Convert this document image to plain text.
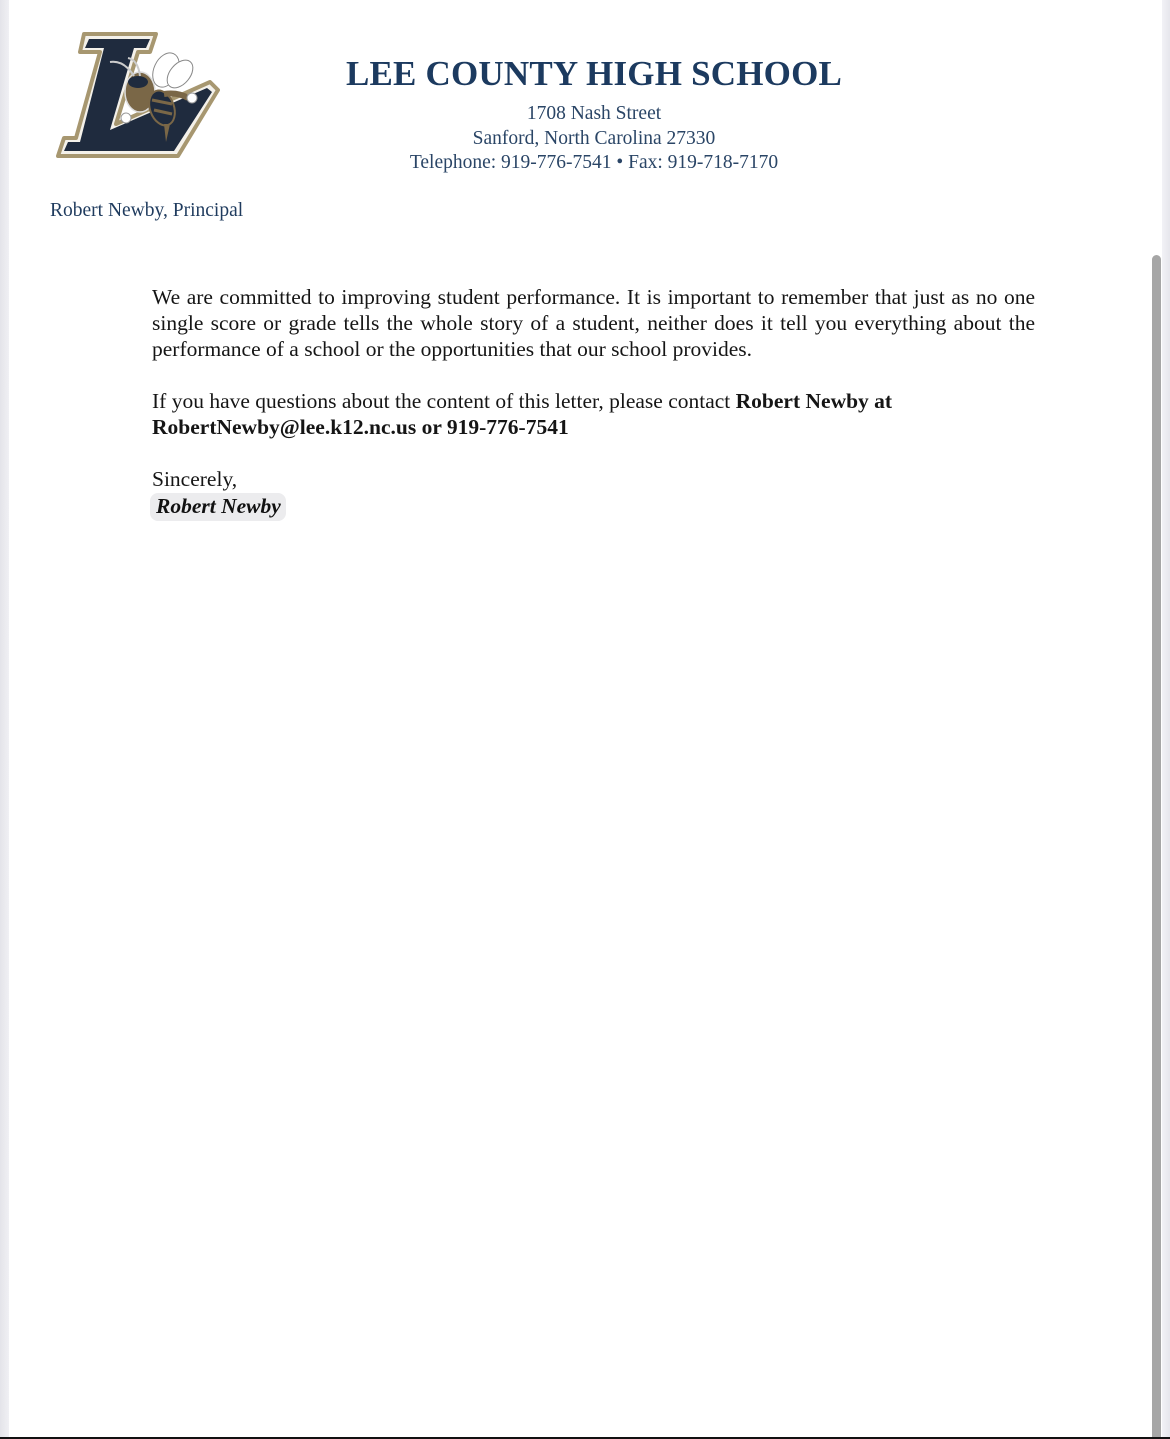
LEE COUNTY HIGH SCHOOL
1708 Nash Street
Sanford, North Carolina 27330
Telephone: 919-776-7541 • Fax: 919-718-7170
Robert Newby, Principal

We are committed to improving student performance. It is important to remember that just as no one single score or grade tells the whole story of a student, neither does it tell you everything about the performance of a school or the opportunities that our school provides.

If you have questions about the content of this letter, please contact Robert Newby at
RobertNewby@lee.k12.nc.us or 919-776-7541

Sincerely,

Robert Newby
